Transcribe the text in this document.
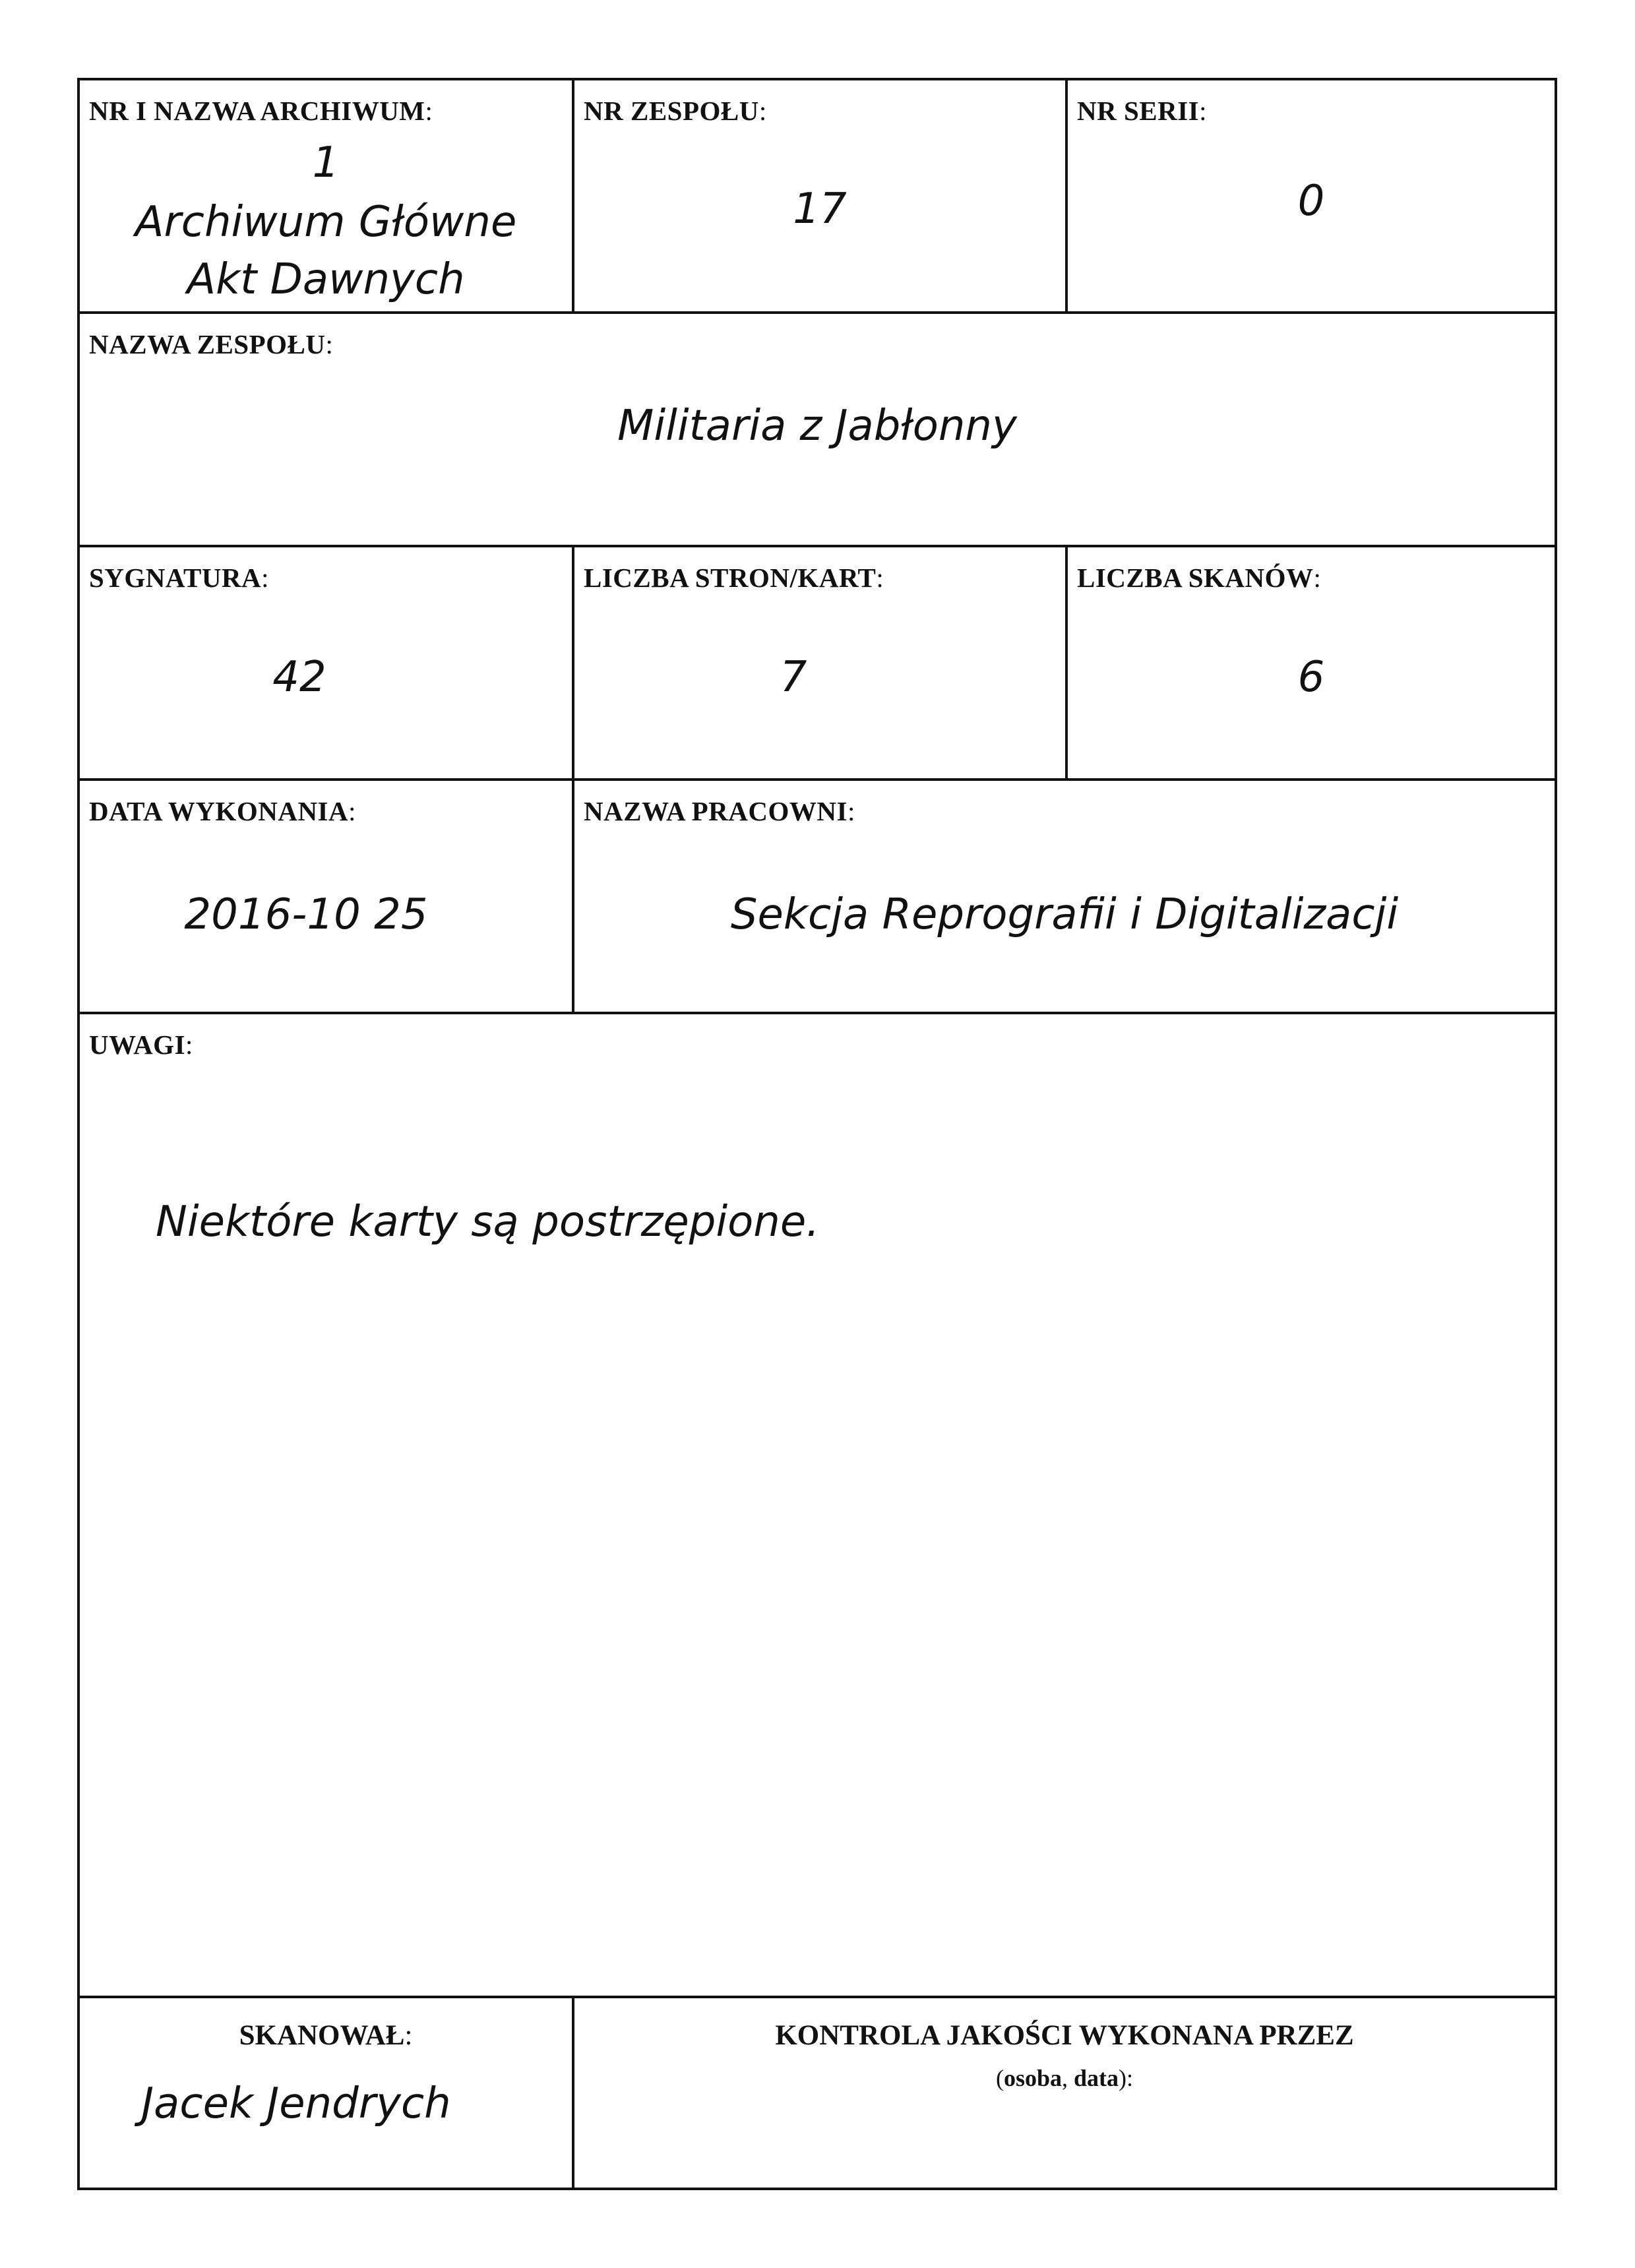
NR I NAZWA ARCHIWUM:
1
Archiwum Główne
Akt Dawnych
NR ZESPOŁU:
17
NR SERII:
0
NAZWA ZESPOŁU:
Militaria z Jabłonny
SYGNATURA:
42
LICZBA STRON/KART:
7
LICZBA SKANÓW:
6
DATA WYKONANIA:
2016-10 25
NAZWA PRACOWNI:
Sekcja Reprografii i Digitalizacji
UWAGI:
Niektóre karty są postrzępione.
SKANOWAŁ:
Jacek Jendrych
KONTROLA JAKOŚCI WYKONANA PRZEZ
(osoba, data):
